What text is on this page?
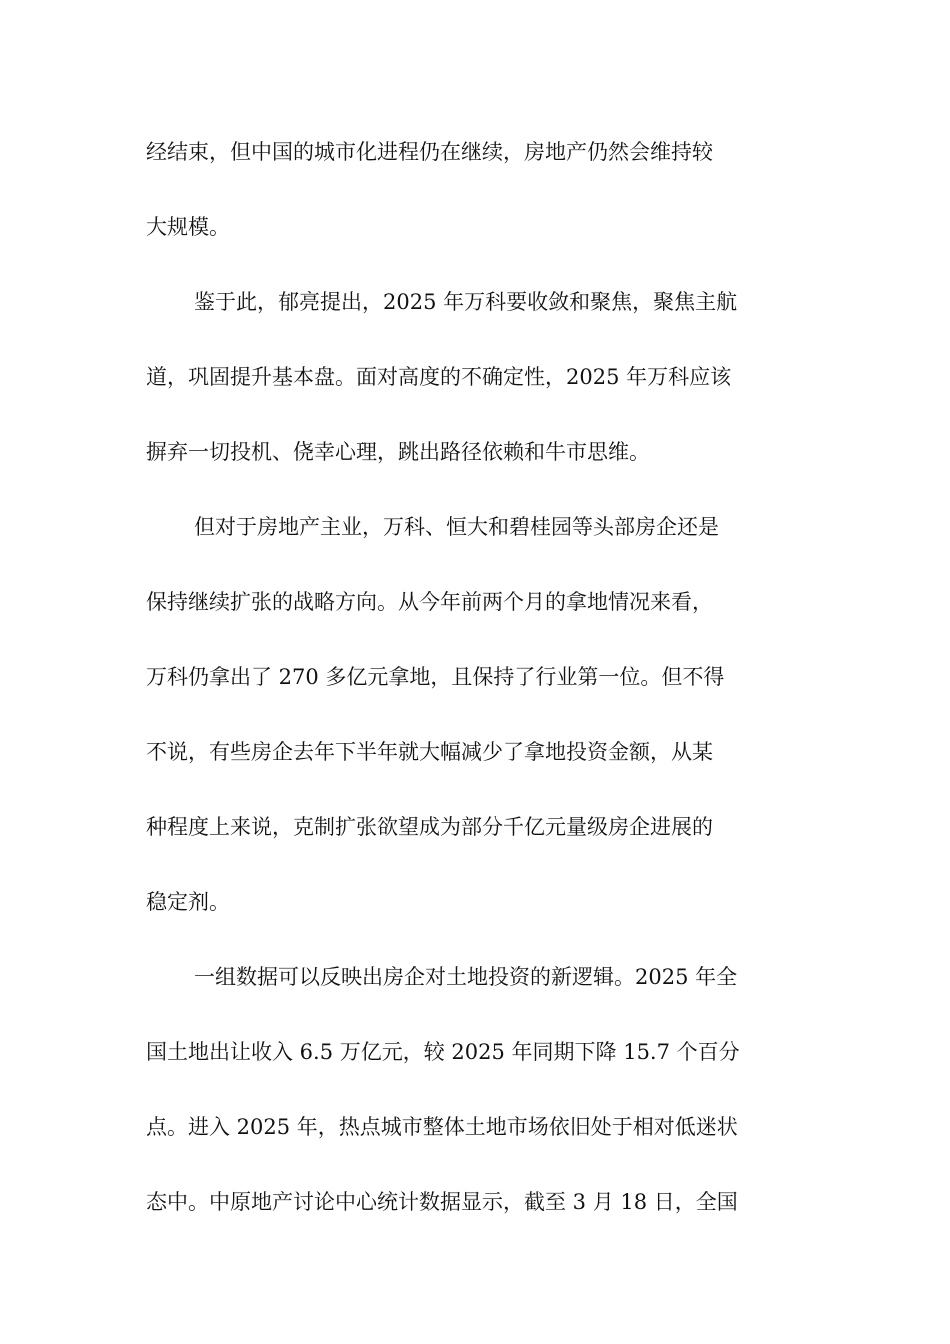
经结束，但中国的城市化进程仍在继续，房地产仍然会维持较
大规模。
鉴于此，郁亮提出，2025 年万科要收敛和聚焦，聚焦主航
道，巩固提升基本盘。面对高度的不确定性，2025 年万科应该
摒弃一切投机、侥幸心理，跳出路径依赖和牛市思维。
但对于房地产主业，万科、恒大和碧桂园等头部房企还是
保持继续扩张的战略方向。从今年前两个月的拿地情况来看，
万科仍拿出了 270 多亿元拿地，且保持了行业第一位。但不得
不说，有些房企去年下半年就大幅减少了拿地投资金额，从某
种程度上来说，克制扩张欲望成为部分千亿元量级房企进展的
稳定剂。
一组数据可以反映出房企对土地投资的新逻辑。2025 年全
国土地出让收入 6.5 万亿元，较 2025 年同期下降 15.7 个百分
点。进入 2025 年，热点城市整体土地市场依旧处于相对低迷状
态中。中原地产讨论中心统计数据显示，截至 3 月 18 日，全国
